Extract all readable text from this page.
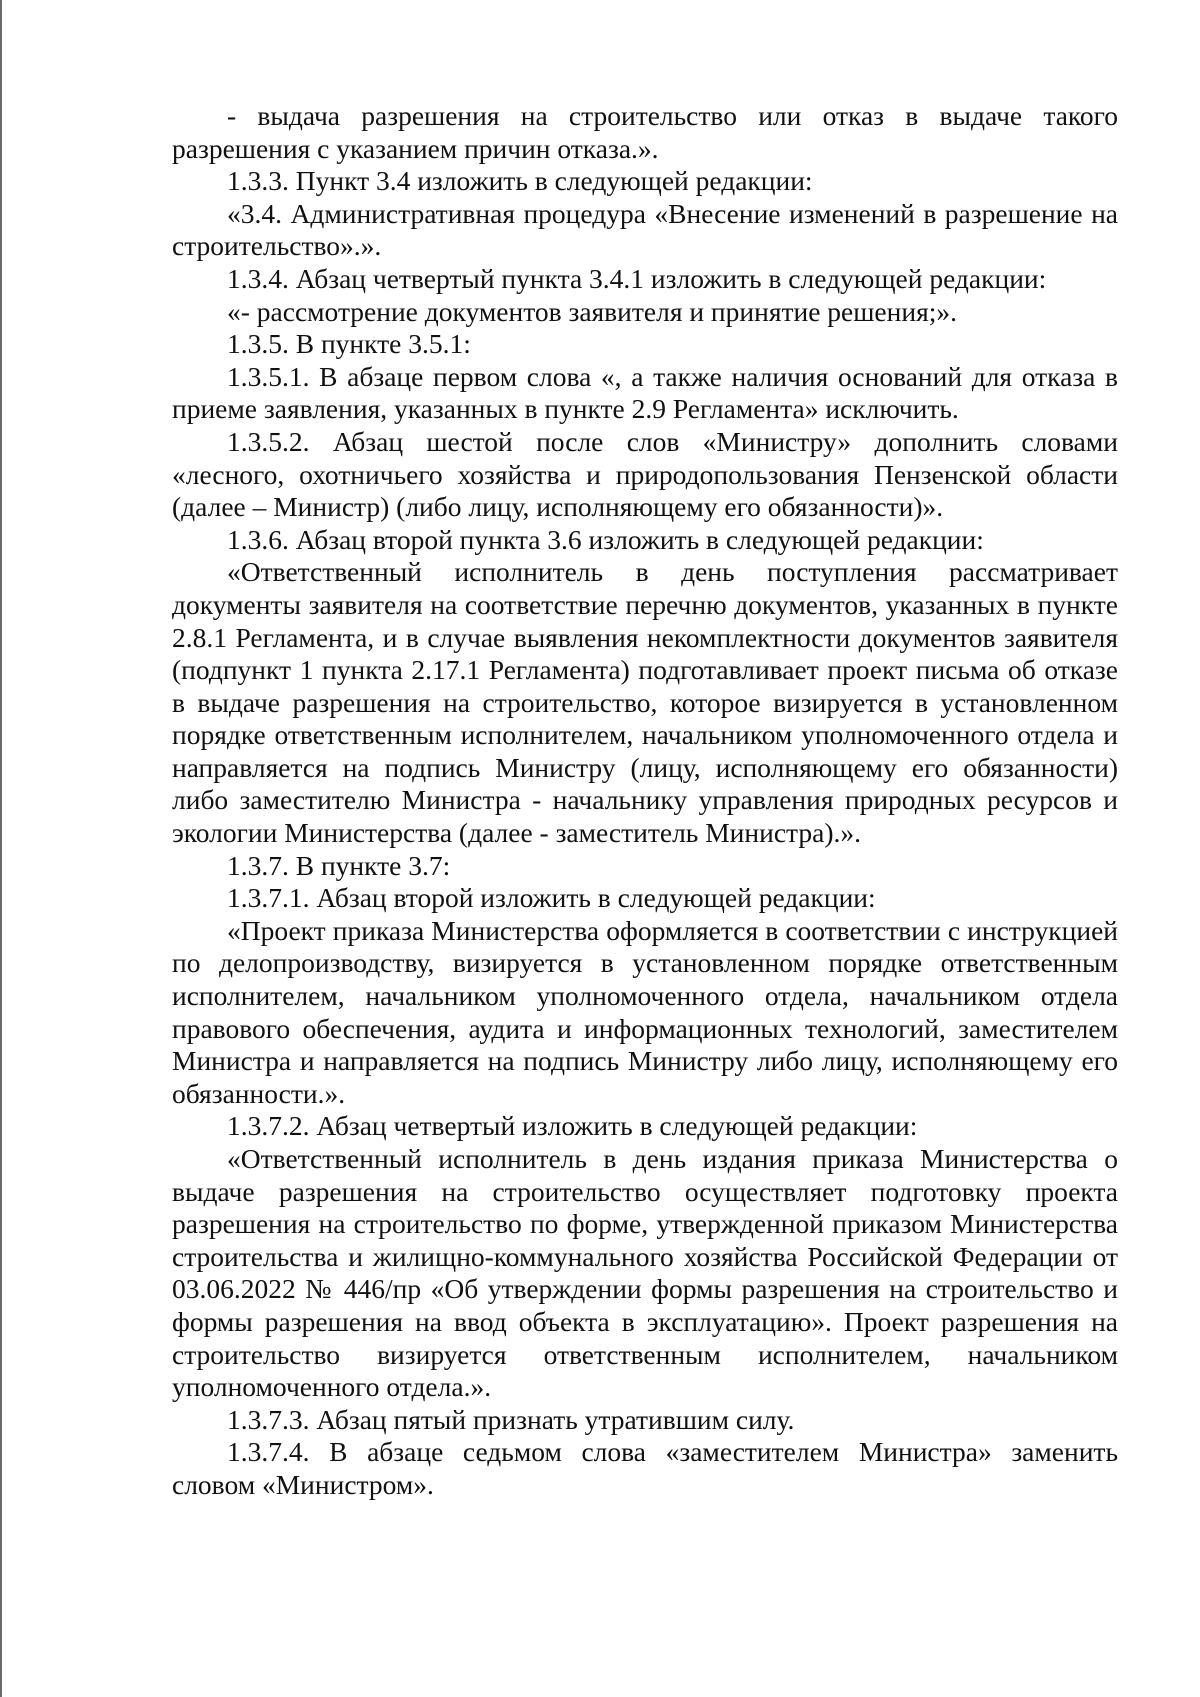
- выдача разрешения на строительство или отказ в выдаче такого разрешения с указанием причин отказа.».

1.3.3. Пункт 3.4 изложить в следующей редакции:

«3.4. Административная процедура «Внесение изменений в разрешение на строительство».».

1.3.4. Абзац четвертый пункта 3.4.1 изложить в следующей редакции:

«- рассмотрение документов заявителя и принятие решения;».

1.3.5. В пункте 3.5.1:

1.3.5.1. В абзаце первом слова «, а также наличия оснований для отказа в приеме заявления, указанных в пункте 2.9 Регламента» исключить.

1.3.5.2. Абзац шестой после слов «Министру» дополнить словами «лесного, охотничьего хозяйства и природопользования Пензенской области (далее – Министр) (либо лицу, исполняющему его обязанности)».

1.3.6. Абзац второй пункта 3.6 изложить в следующей редакции:

«Ответственный исполнитель в день поступления рассматривает документы заявителя на соответствие перечню документов, указанных в пункте 2.8.1 Регламента, и в случае выявления некомплектности документов заявителя (подпункт 1 пункта 2.17.1 Регламента) подготавливает проект письма об отказе в выдаче разрешения на строительство, которое визируется в установленном порядке ответственным исполнителем, начальником уполномоченного отдела и направляется на подпись Министру (лицу, исполняющему его обязанности) либо заместителю Министра - начальнику управления природных ресурсов и экологии Министерства (далее - заместитель Министра).».

1.3.7. В пункте 3.7:

1.3.7.1. Абзац второй изложить в следующей редакции:

«Проект приказа Министерства оформляется в соответствии с инструкцией по делопроизводству, визируется в установленном порядке ответственным исполнителем, начальником уполномоченного отдела, начальником отдела правового обеспечения, аудита и информационных технологий, заместителем Министра и направляется на подпись Министру либо лицу, исполняющему его обязанности.».

1.3.7.2. Абзац четвертый изложить в следующей редакции:

«Ответственный исполнитель в день издания приказа Министерства о выдаче разрешения на строительство осуществляет подготовку проекта разрешения на строительство по форме, утвержденной приказом Министерства строительства и жилищно-коммунального хозяйства Российской Федерации от 03.06.2022 № 446/пр «Об утверждении формы разрешения на строительство и формы разрешения на ввод объекта в эксплуатацию». Проект разрешения на строительство визируется ответственным исполнителем, начальником уполномоченного отдела.».

1.3.7.3. Абзац пятый признать утратившим силу.

1.3.7.4. В абзаце седьмом слова «заместителем Министра» заменить словом «Министром».
